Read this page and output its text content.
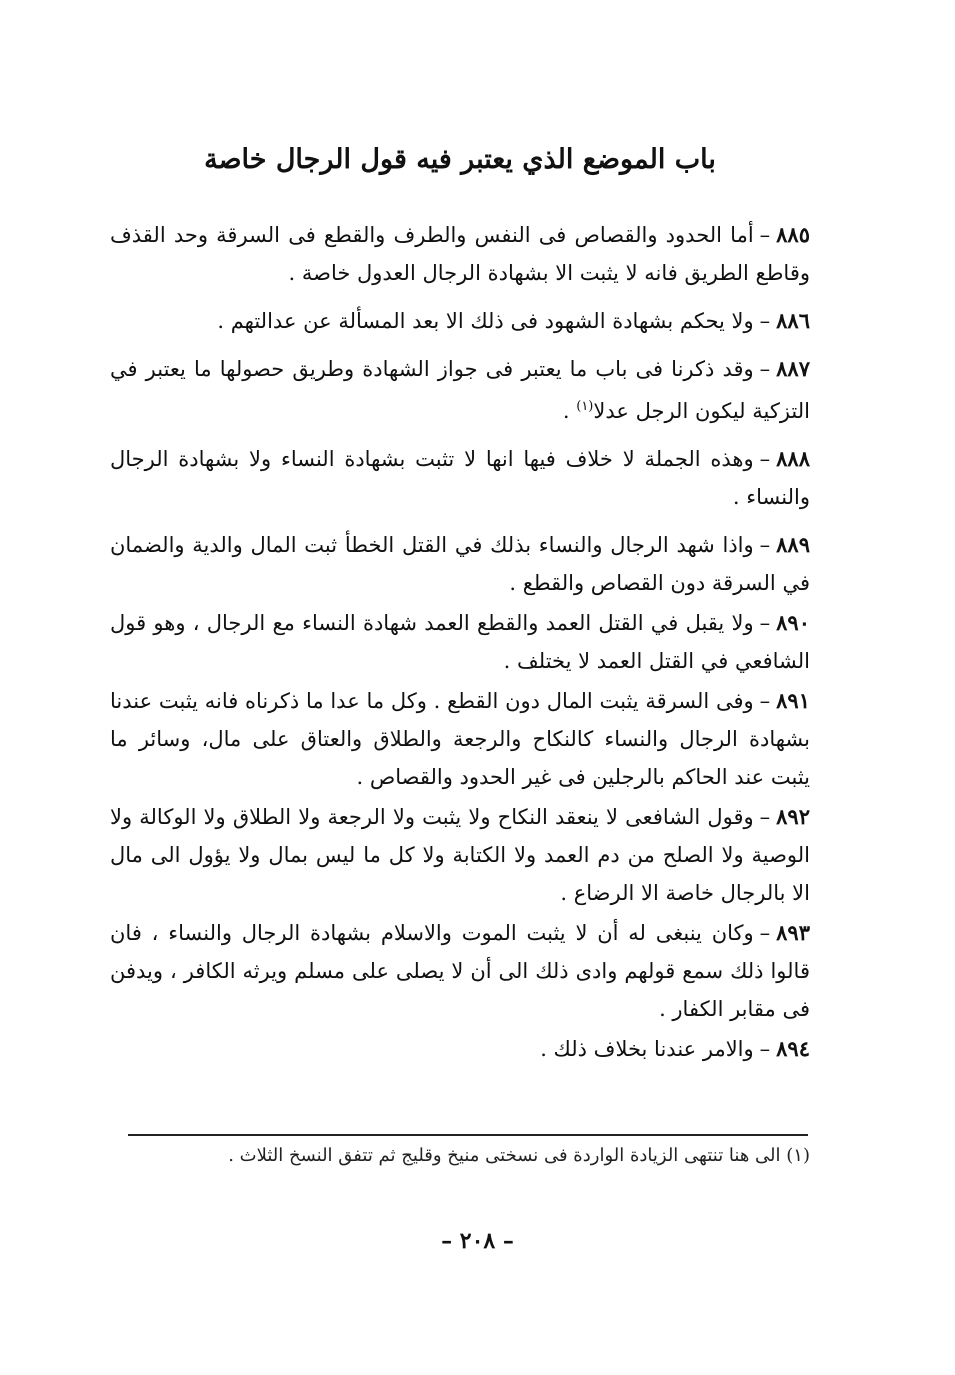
باب الموضع الذي يعتبر فيه قول الرجال خاصة

٨٨٥–أما الحدود والقصاص فى النفس والطرف والقطع فى السرقة وحد القذف وقاطع الطريق فانه لا يثبت الا بشهادة الرجال العدول خاصة .

٨٨٦–ولا يحكم بشهادة الشهود فى ذلك الا بعد المسألة عن عدالتهم .

٨٨٧–وقد ذكرنا فى باب ما يعتبر فى جواز الشهادة وطريق حصولها ما يعتبر في التزكية ليكون الرجل عدلا$^{(١)}$ .

٨٨٨–وهذه الجملة لا خلاف فيها انها لا تثبت بشهادة النساء ولا بشهادة الرجال والنساء .

٨٨٩–واذا شهد الرجال والنساء بذلك في القتل الخطأ ثبت المال والدية والضمان في السرقة دون القصاص والقطع .

٨٩٠–ولا يقبل في القتل العمد والقطع العمد شهادة النساء مع الرجال ، وهو قول الشافعي في القتل العمد لا يختلف .

٨٩١–وفى السرقة يثبت المال دون القطع . وكل ما عدا ما ذكرناه فانه يثبت عندنا بشهادة الرجال والنساء كالنكاح والرجعة والطلاق والعتاق على مال، وسائر ما يثبت عند الحاكم بالرجلين فى غير الحدود والقصاص .

٨٩٢–وقول الشافعى لا ينعقد النكاح ولا يثبت ولا الرجعة ولا الطلاق ولا الوكالة ولا الوصية ولا الصلح من دم العمد ولا الكتابة ولا كل ما ليس بمال ولا يؤول الى مال الا بالرجال خاصة الا الرضاع .

٨٩٣–وكان ينبغى له أن لا يثبت الموت والاسلام بشهادة الرجال والنساء ، فان قالوا ذلك سمع قولهم وادى ذلك الى أن لا يصلى على مسلم ويرثه الكافر ، ويدفن فى مقابر الكفار .

٨٩٤–والامر عندنا بخلاف ذلك .

(١) الى هنا تنتهى الزيادة الواردة فى نسختى منيخ وقليج ثم تتفق النسخ الثلاث .
– ٢٠٨ –
